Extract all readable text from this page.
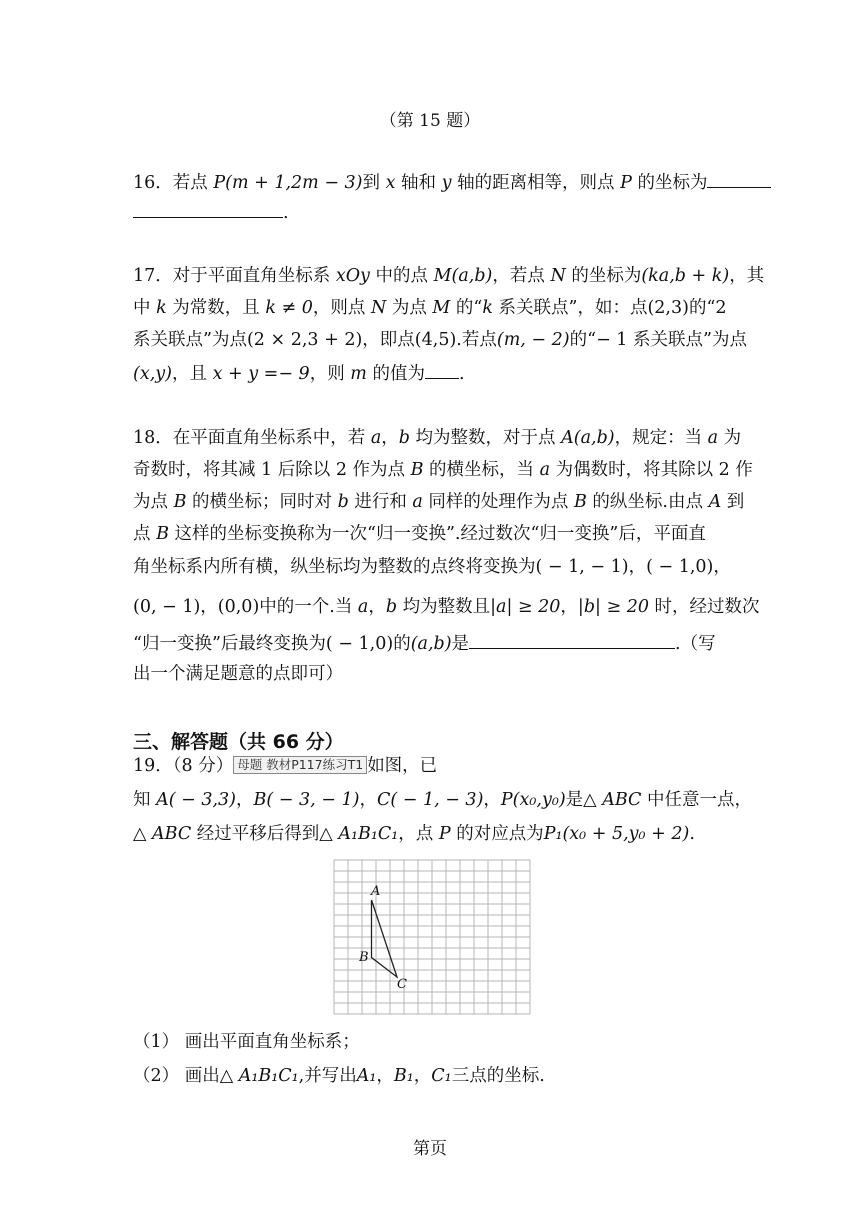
（第 15 题）
16．若点 P(m + 1,2m − 3)到 x 轴和 y 轴的距离相等，则点 P 的坐标为
.
17．对于平面直角坐标系 xOy 中的点 M(a,b)，若点 N 的坐标为(ka,b + k)，其
中 k 为常数，且 k ≠ 0，则点 N 为点 M 的“k 系关联点”，如：点(2,3)的“2
系关联点”为点(2 × 2,3 + 2)，即点(4,5).若点(m, − 2)的“− 1 系关联点”为点
(x,y)，且 x + y =− 9，则 m 的值为 .
18．在平面直角坐标系中，若 a，b 均为整数，对于点 A(a,b)，规定：当 a 为
奇数时，将其减 1 后除以 2 作为点 B 的横坐标，当 a 为偶数时，将其除以 2 作
为点 B 的横坐标；同时对 b 进行和 a 同样的处理作为点 B 的纵坐标.由点 A 到
点 B 这样的坐标变换称为一次“归一变换”.经过数次“归一变换”后，平面直
角坐标系内所有横，纵坐标均为整数的点终将变换为( − 1, − 1)，( − 1,0)，
(0, − 1)，(0,0)中的一个.当 a，b 均为整数且|a| ≥ 20，|b| ≥ 20 时，经过数次
“归一变换”后最终变换为( − 1,0)的(a,b)是	.（写
出一个满足题意的点即可）
三、解答题（共 66 分）
19．（8 分） 母题 教材P117练习T1 如图，已
知 A( − 3,3)，B( − 3, − 1)，C( − 1, − 3)，P(x₀,y₀)是△ ABC 中任意一点，
△ ABC 经过平移后得到△ A₁B₁C₁，点 P 的对应点为P₁(x₀ + 5,y₀ + 2).
A
B
C
（1） 画出平面直角坐标系；
（2） 画出△ A₁B₁C₁,并写出A₁，B₁，C₁三点的坐标.
第页
